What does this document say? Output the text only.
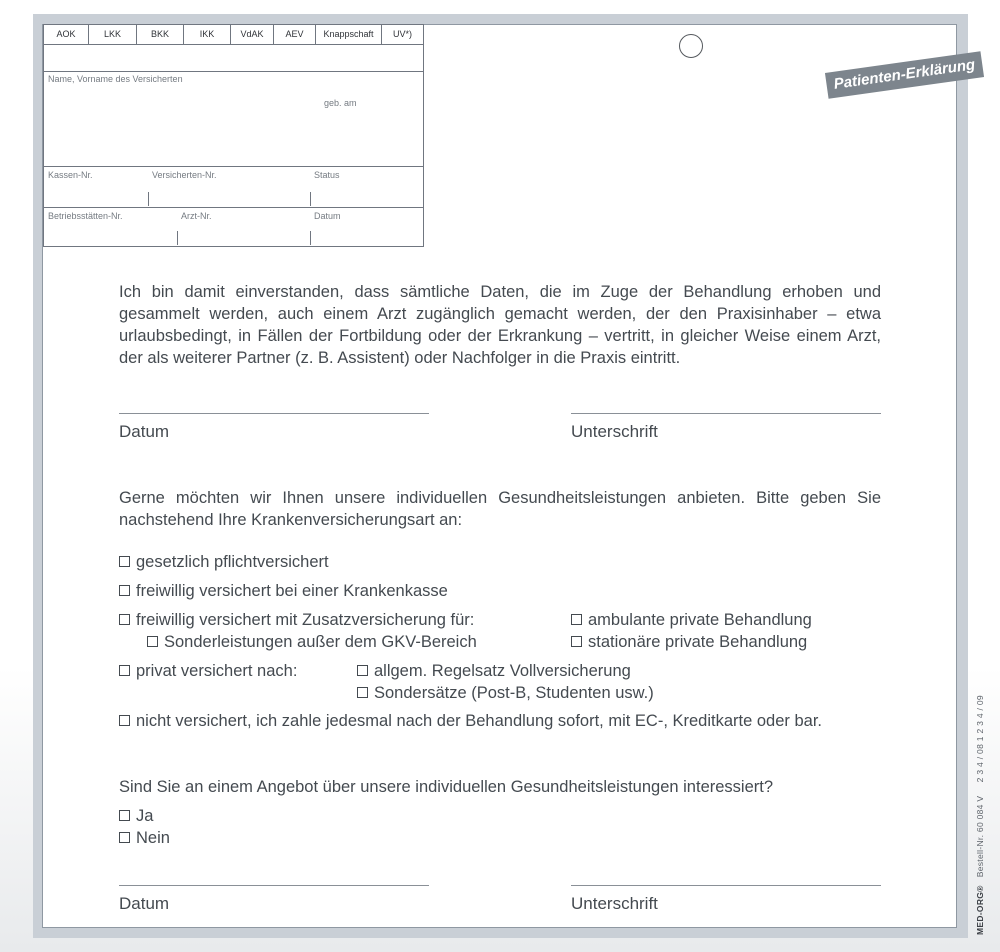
AOK	LKK	BKK	IKK	VdAK	AEV	Knappschaft	UV*)
Name, Vorname des Versicherten
geb. am
Kassen-Nr.	Versicherten-Nr.	Status
Betriebsstätten-Nr.	Arzt-Nr.	Datum
Patienten-Erklärung
Ich bin damit einverstanden, dass sämtliche Daten, die im Zuge der Behandlung erhoben und gesammelt werden, auch einem Arzt zugänglich gemacht werden, der den Praxisinhaber – etwa urlaubsbedingt, in Fällen der Fortbildung oder der Erkrankung – vertritt, in gleicher Weise einem Arzt, der als weiterer Partner (z. B. Assistent) oder Nachfolger in die Praxis eintritt.
Datum	Unterschrift
Gerne möchten wir Ihnen unsere individuellen Gesundheitsleistungen anbieten. Bitte geben Sie nachstehend Ihre Krankenversicherungsart an:
gesetzlich pflichtversichert
freiwillig versichert bei einer Krankenkasse
freiwillig versichert mit Zusatzversicherung für:
Sonderleistungen außer dem GKV-Bereich
ambulante private Behandlung
stationäre private Behandlung
privat versichert nach:	allgem. Regelsatz Vollversicherung
Sondersätze (Post-B, Studenten usw.)
nicht versichert, ich zahle jedesmal nach der Behandlung sofort, mit EC-, Kreditkarte oder bar.
Sind Sie an einem Angebot über unsere individuellen Gesundheitsleistungen interessiert?
Ja
Nein
Datum	Unterschrift	MED-ORG®   Bestell-Nr. 60 084 V     2 3 4 / 08 1 2 3 4 / 09
